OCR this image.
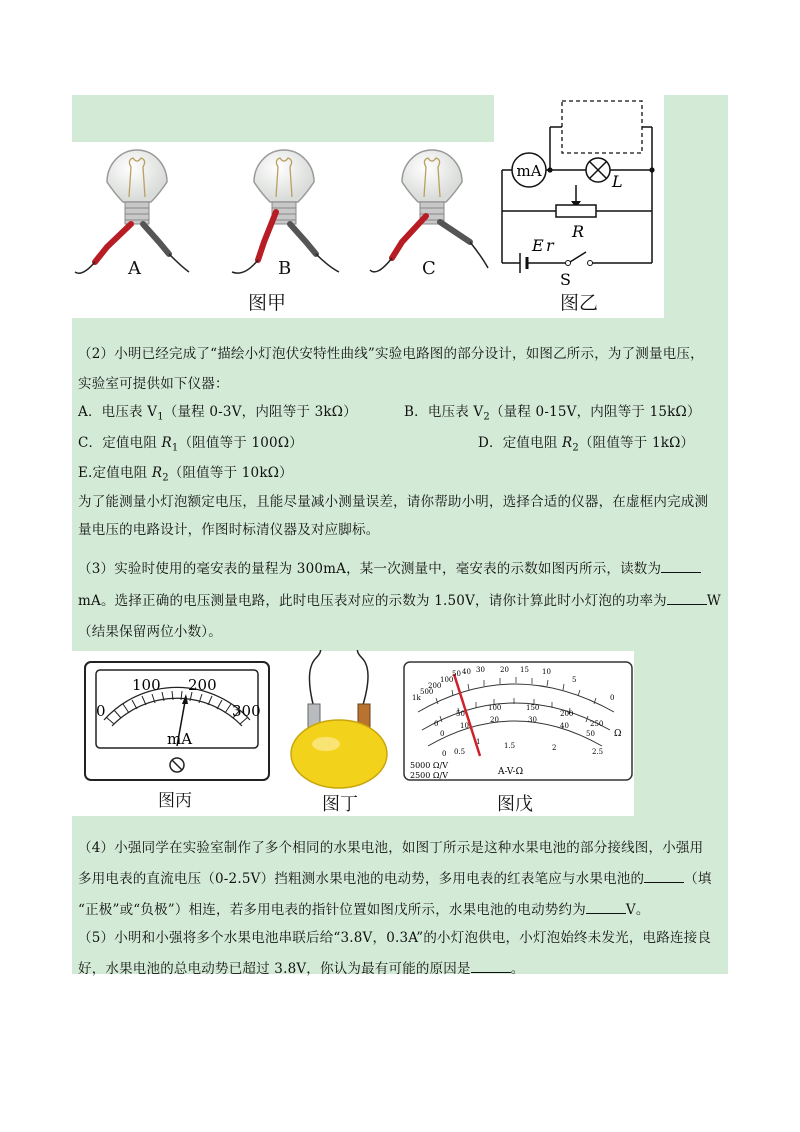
A	B	C
图甲
mA
L
R
E r
S
图乙
（2）小明已经完成了“描绘小灯泡伏安特性曲线”实验电路图的部分设计，如图乙所示，为了测量电压，
实验室可提供如下仪器：
A．电压表 $V_1$（量程 0-3V，内阻等于 3kΩ）	B．电压表 $V_2$（量程 0-15V，内阻等于 15kΩ）
C．定值电阻 $R_1$（阻值等于 100Ω）	D．定值电阻 $R_2$（阻值等于 1kΩ）
E.定值电阻 $R_2$（阻值等于 10kΩ）
为了能测量小灯泡额定电压，且能尽量减小测量误差，请你帮助小明，选择合适的仪器，在虚框内完成测
量电压的电路设计，作图时标清仪器及对应脚标。
（3）实验时使用的毫安表的量程为 300mA，某一次测量中，毫安表的示数如图丙所示，读数为
mA。选择正确的电压测量电路，此时电压表对应的示数为 1.50V，请你计算此时小灯泡的功率为	W
（结果保留两位小数）。
0
100 200
300
mA
图丙	图丁
1k
500
200
100
50 40 30 20 15 10
5
0
0
50
100	150
200
250
0
10
20	30
40
50
0 0.5
1	1.5	2	2.5
Ω
A-V-Ω
5000 Ω/V
2500 Ω/V
图戊
（4）小强同学在实验室制作了多个相同的水果电池，如图丁所示是这种水果电池的部分接线图，小强用
多用电表的直流电压（0-2.5V）挡粗测水果电池的电动势，多用电表的红表笔应与水果电池的	（填
“正极”或“负极”）相连，若多用电表的指针位置如图戊所示，水果电池的电动势约为	V。
（5）小明和小强将多个水果电池串联后给“3.8V，0.3A”的小灯泡供电，小灯泡始终未发光，电路连接良
好，水果电池的总电动势已超过 3.8V，你认为最有可能的原因是	。
